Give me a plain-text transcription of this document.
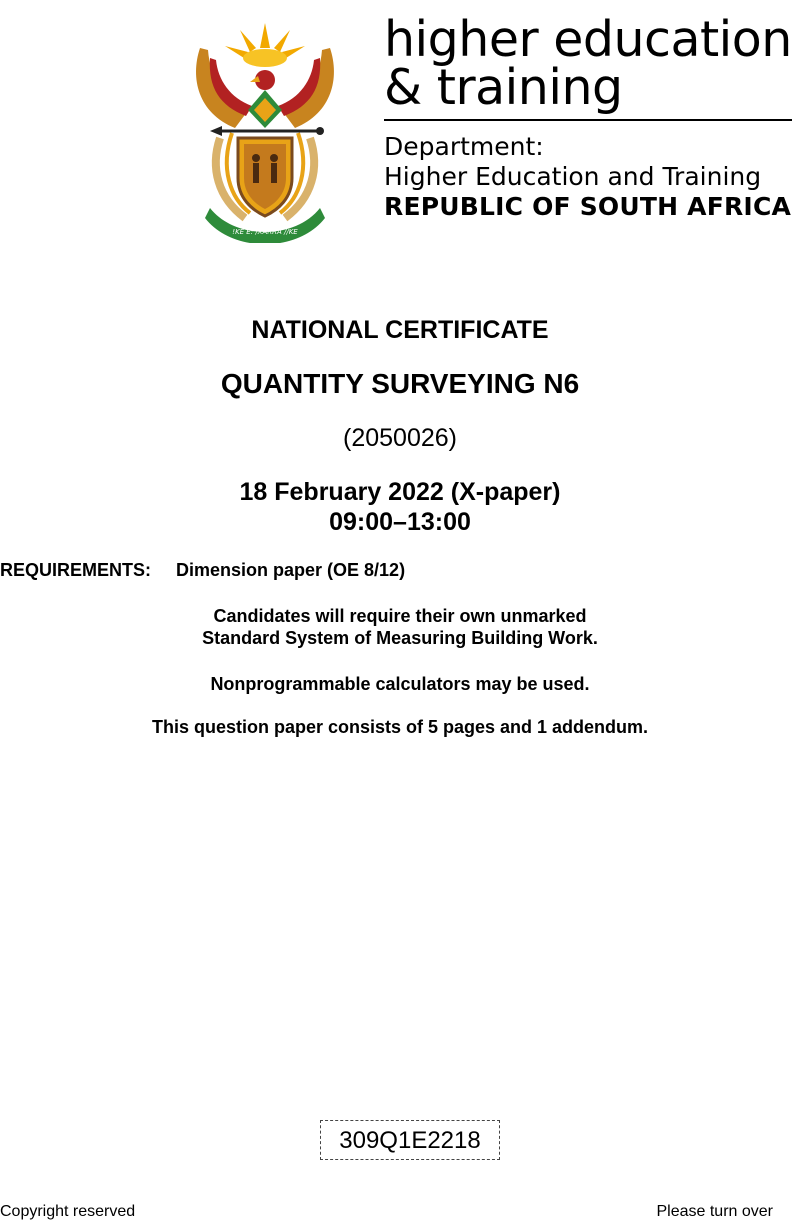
!KE E: /XARRA //KE
higher education
& training
Department:
Higher Education and Training
REPUBLIC OF SOUTH AFRICA
NATIONAL CERTIFICATE
QUANTITY SURVEYING N6
(2050026)
18 February 2022 (X-paper)
09:00–13:00
REQUIREMENTS: Dimension paper (OE 8/12)
Candidates will require their own unmarked
Standard System of Measuring Building Work.
Nonprogrammable calculators may be used.
This question paper consists of 5 pages and 1 addendum.
309Q1E2218
Copyright reserved	Please turn over
